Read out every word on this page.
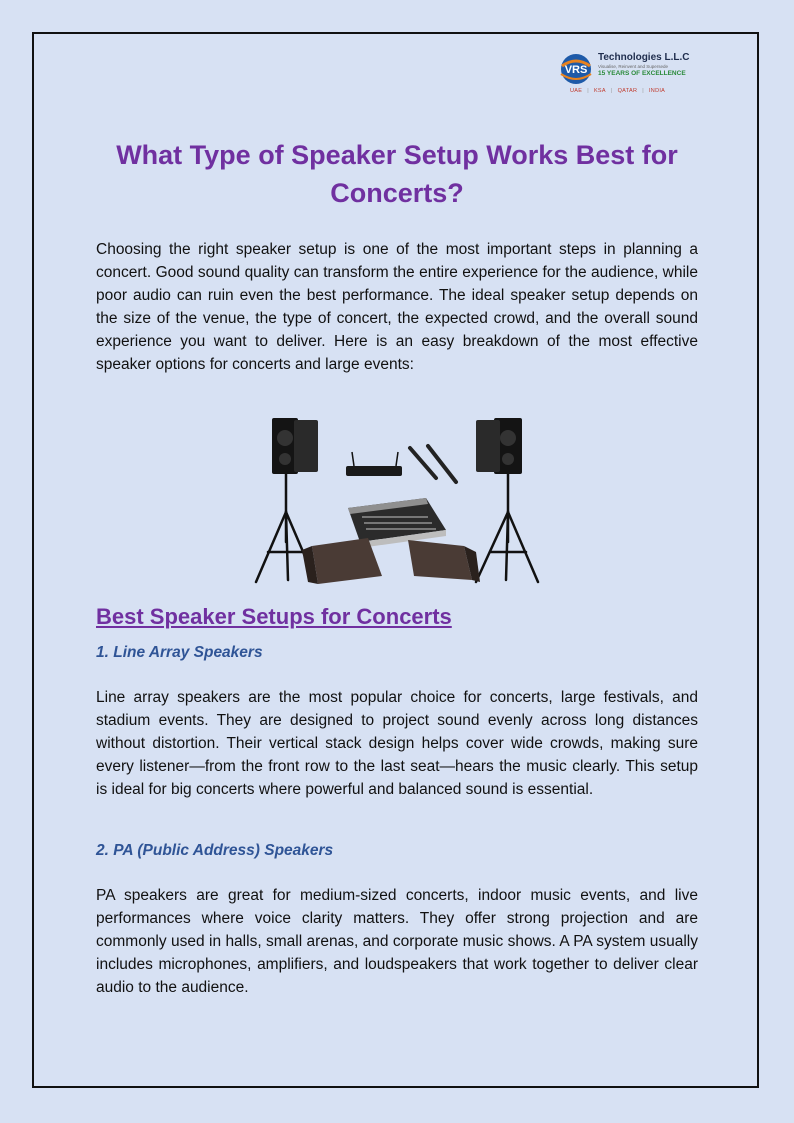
VRS
Technologies L.L.C
Visualise, Reinvent and Supersede
15 YEARS OF EXCELLENCE
UAE | KSA | QATAR | INDIA
What Type of Speaker Setup Works Best for Concerts?

Choosing the right speaker setup is one of the most important steps in planning a concert. Good sound quality can transform the entire experience for the audience, while poor audio can ruin even the best performance. The ideal speaker setup depends on the size of the venue, the type of concert, the expected crowd, and the overall sound experience you want to deliver. Here is an easy breakdown of the most effective speaker options for concerts and large events:

Best Speaker Setups for Concerts
1. Line Array Speakers

Line array speakers are the most popular choice for concerts, large festivals, and stadium events. They are designed to project sound evenly across long distances without distortion. Their vertical stack design helps cover wide crowds, making sure every listener—from the front row to the last seat—hears the music clearly. This setup is ideal for big concerts where powerful and balanced sound is essential.

2. PA (Public Address) Speakers

PA speakers are great for medium-sized concerts, indoor music events, and live performances where voice clarity matters. They offer strong projection and are commonly used in halls, small arenas, and corporate music shows. A PA system usually includes microphones, amplifiers, and loudspeakers that work together to deliver clear audio to the audience.
